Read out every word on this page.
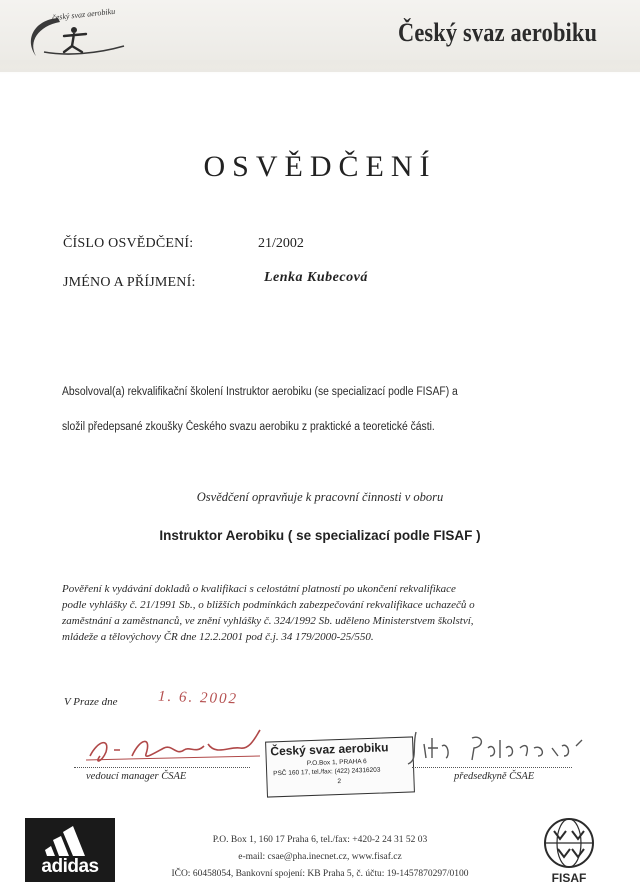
český svaz aerobiku
Český svaz aerobiku
OSVĚDČENÍ
ČÍSLO OSVĚDČENÍ:	21/2002
JMÉNO A PŘÍJMENÍ:	Lenka Kubecová
Absolvoval(a) rekvalifikační školení Instruktor aerobiku (se specializací podle FISAF) a
složil předepsané zkoušky Českého svazu aerobiku z praktické a teoretické části.
Osvědčení opravňuje k pracovní činnosti v oboru
Instruktor Aerobiku ( se specializací podle FISAF )
Pověření k vydávání dokladů o kvalifikaci s celostátní platností po ukončení rekvalifikace
podle vyhlášky č. 21/1991 Sb., o bližších podmínkách zabezpečování rekvalifikace uchazečů o
zaměstnání a zaměstnanců, ve znění vyhlášky č. 324/1992 Sb. uděleno Ministerstvem školství,
mládeže a tělovýchovy ČR dne 12.2.2001 pod č.j. 34 179/2000-25/550.
V Praze dne	1. 6. 2002
vedoucí manager ČSAE
Český svaz aerobiku
P.O.Box 1, PRAHA 6
PSČ 160 17, tel./fax: (422) 24316203
2	předsedkyně ČSAE
adidas
P.O. Box 1, 160 17 Praha 6, tel./fax: +420-2 24 31 52 03
e-mail: csae@pha.inecnet.cz, www.fisaf.cz
IČO: 60458054, Bankovní spojení: KB Praha 5, č. účtu: 19-1457870297/0100	FISAF
